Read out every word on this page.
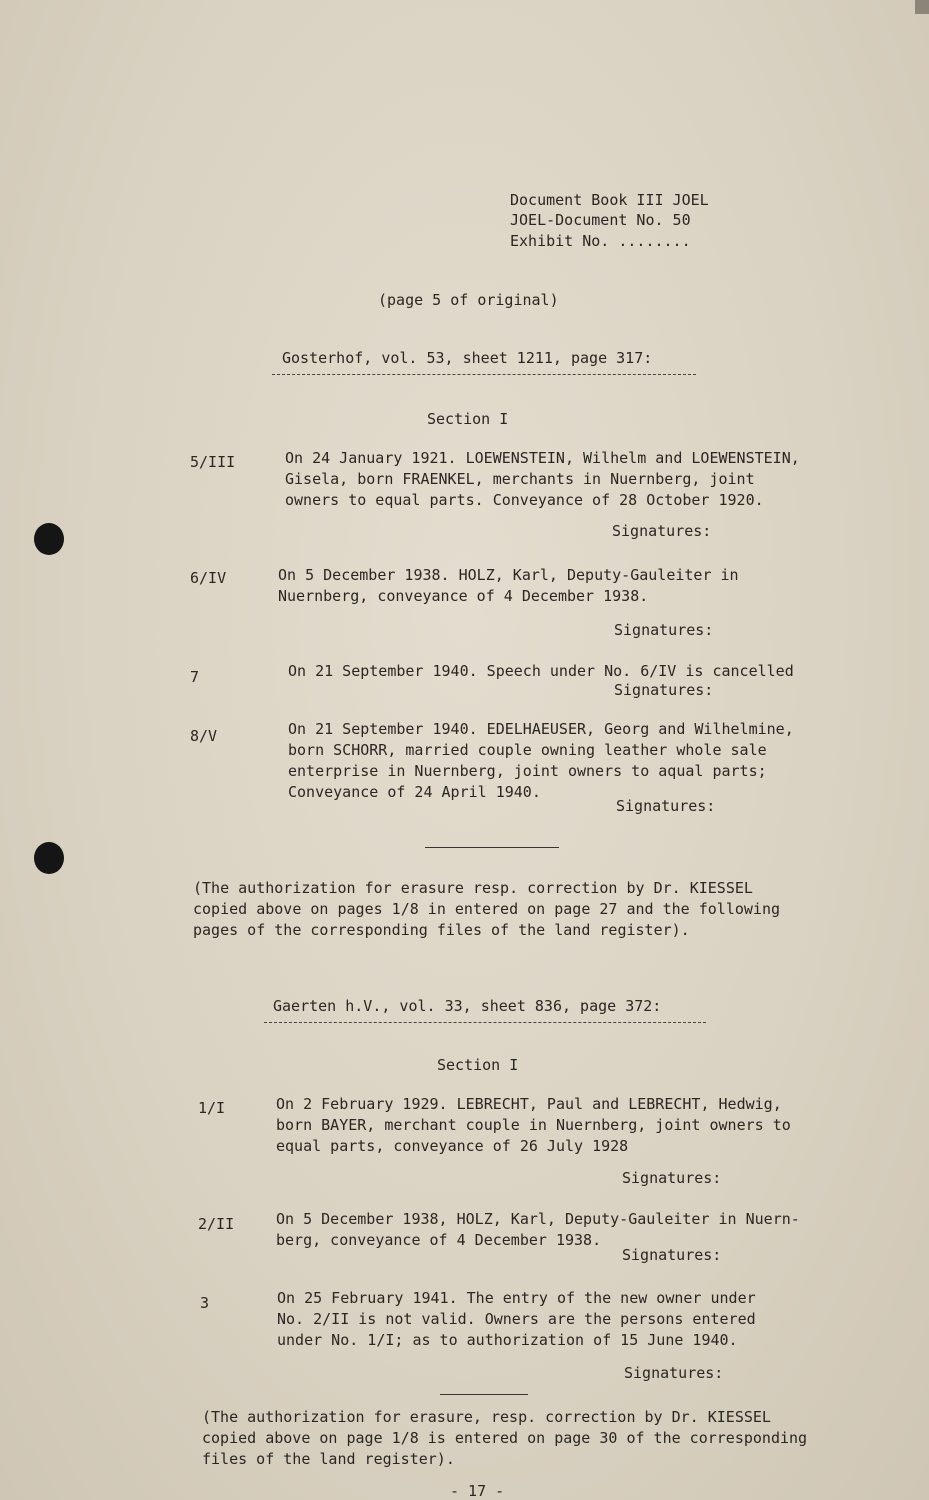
Document Book III JOEL
JOEL-Document No. 50
Exhibit No. ........
(page 5 of original)
Gosterhof, vol. 53, sheet 1211, page 317:
Section I
5/III	On 24 January 1921. LOEWENSTEIN, Wilhelm and LOEWENSTEIN,
Gisela, born FRAENKEL, merchants in Nuernberg, joint
owners to equal parts. Conveyance of 28 October 1920.
Signatures:
6/IV	On 5 December 1938. HOLZ, Karl, Deputy-Gauleiter in
Nuernberg, conveyance of 4 December 1938.
Signatures:
7	On 21 September 1940. Speech under No. 6/IV is cancelled
Signatures:
8/V	On 21 September 1940. EDELHAEUSER, Georg and Wilhelmine,
born SCHORR, married couple owning leather whole sale
enterprise in Nuernberg, joint owners to aqual parts;
Conveyance of 24 April 1940.
Signatures:
(The authorization for erasure resp. correction by Dr. KIESSEL
copied above on pages 1/8 in entered on page 27 and the following
pages of the corresponding files of the land register).
Gaerten h.V., vol. 33, sheet 836, page 372:
Section I
1/I	On 2 February 1929. LEBRECHT, Paul and LEBRECHT, Hedwig,
born BAYER, merchant couple in Nuernberg, joint owners to
equal parts, conveyance of 26 July 1928
Signatures:
2/II	On 5 December 1938, HOLZ, Karl, Deputy-Gauleiter in Nuern-
berg, conveyance of 4 December 1938.
Signatures:
3	On 25 February 1941. The entry of the new owner under
No. 2/II is not valid. Owners are the persons entered
under No. 1/I; as to authorization of 15 June 1940.
Signatures:
(The authorization for erasure, resp. correction by Dr. KIESSEL
copied above on page 1/8 is entered on page 30 of the corresponding
files of the land register).
- 17 -
